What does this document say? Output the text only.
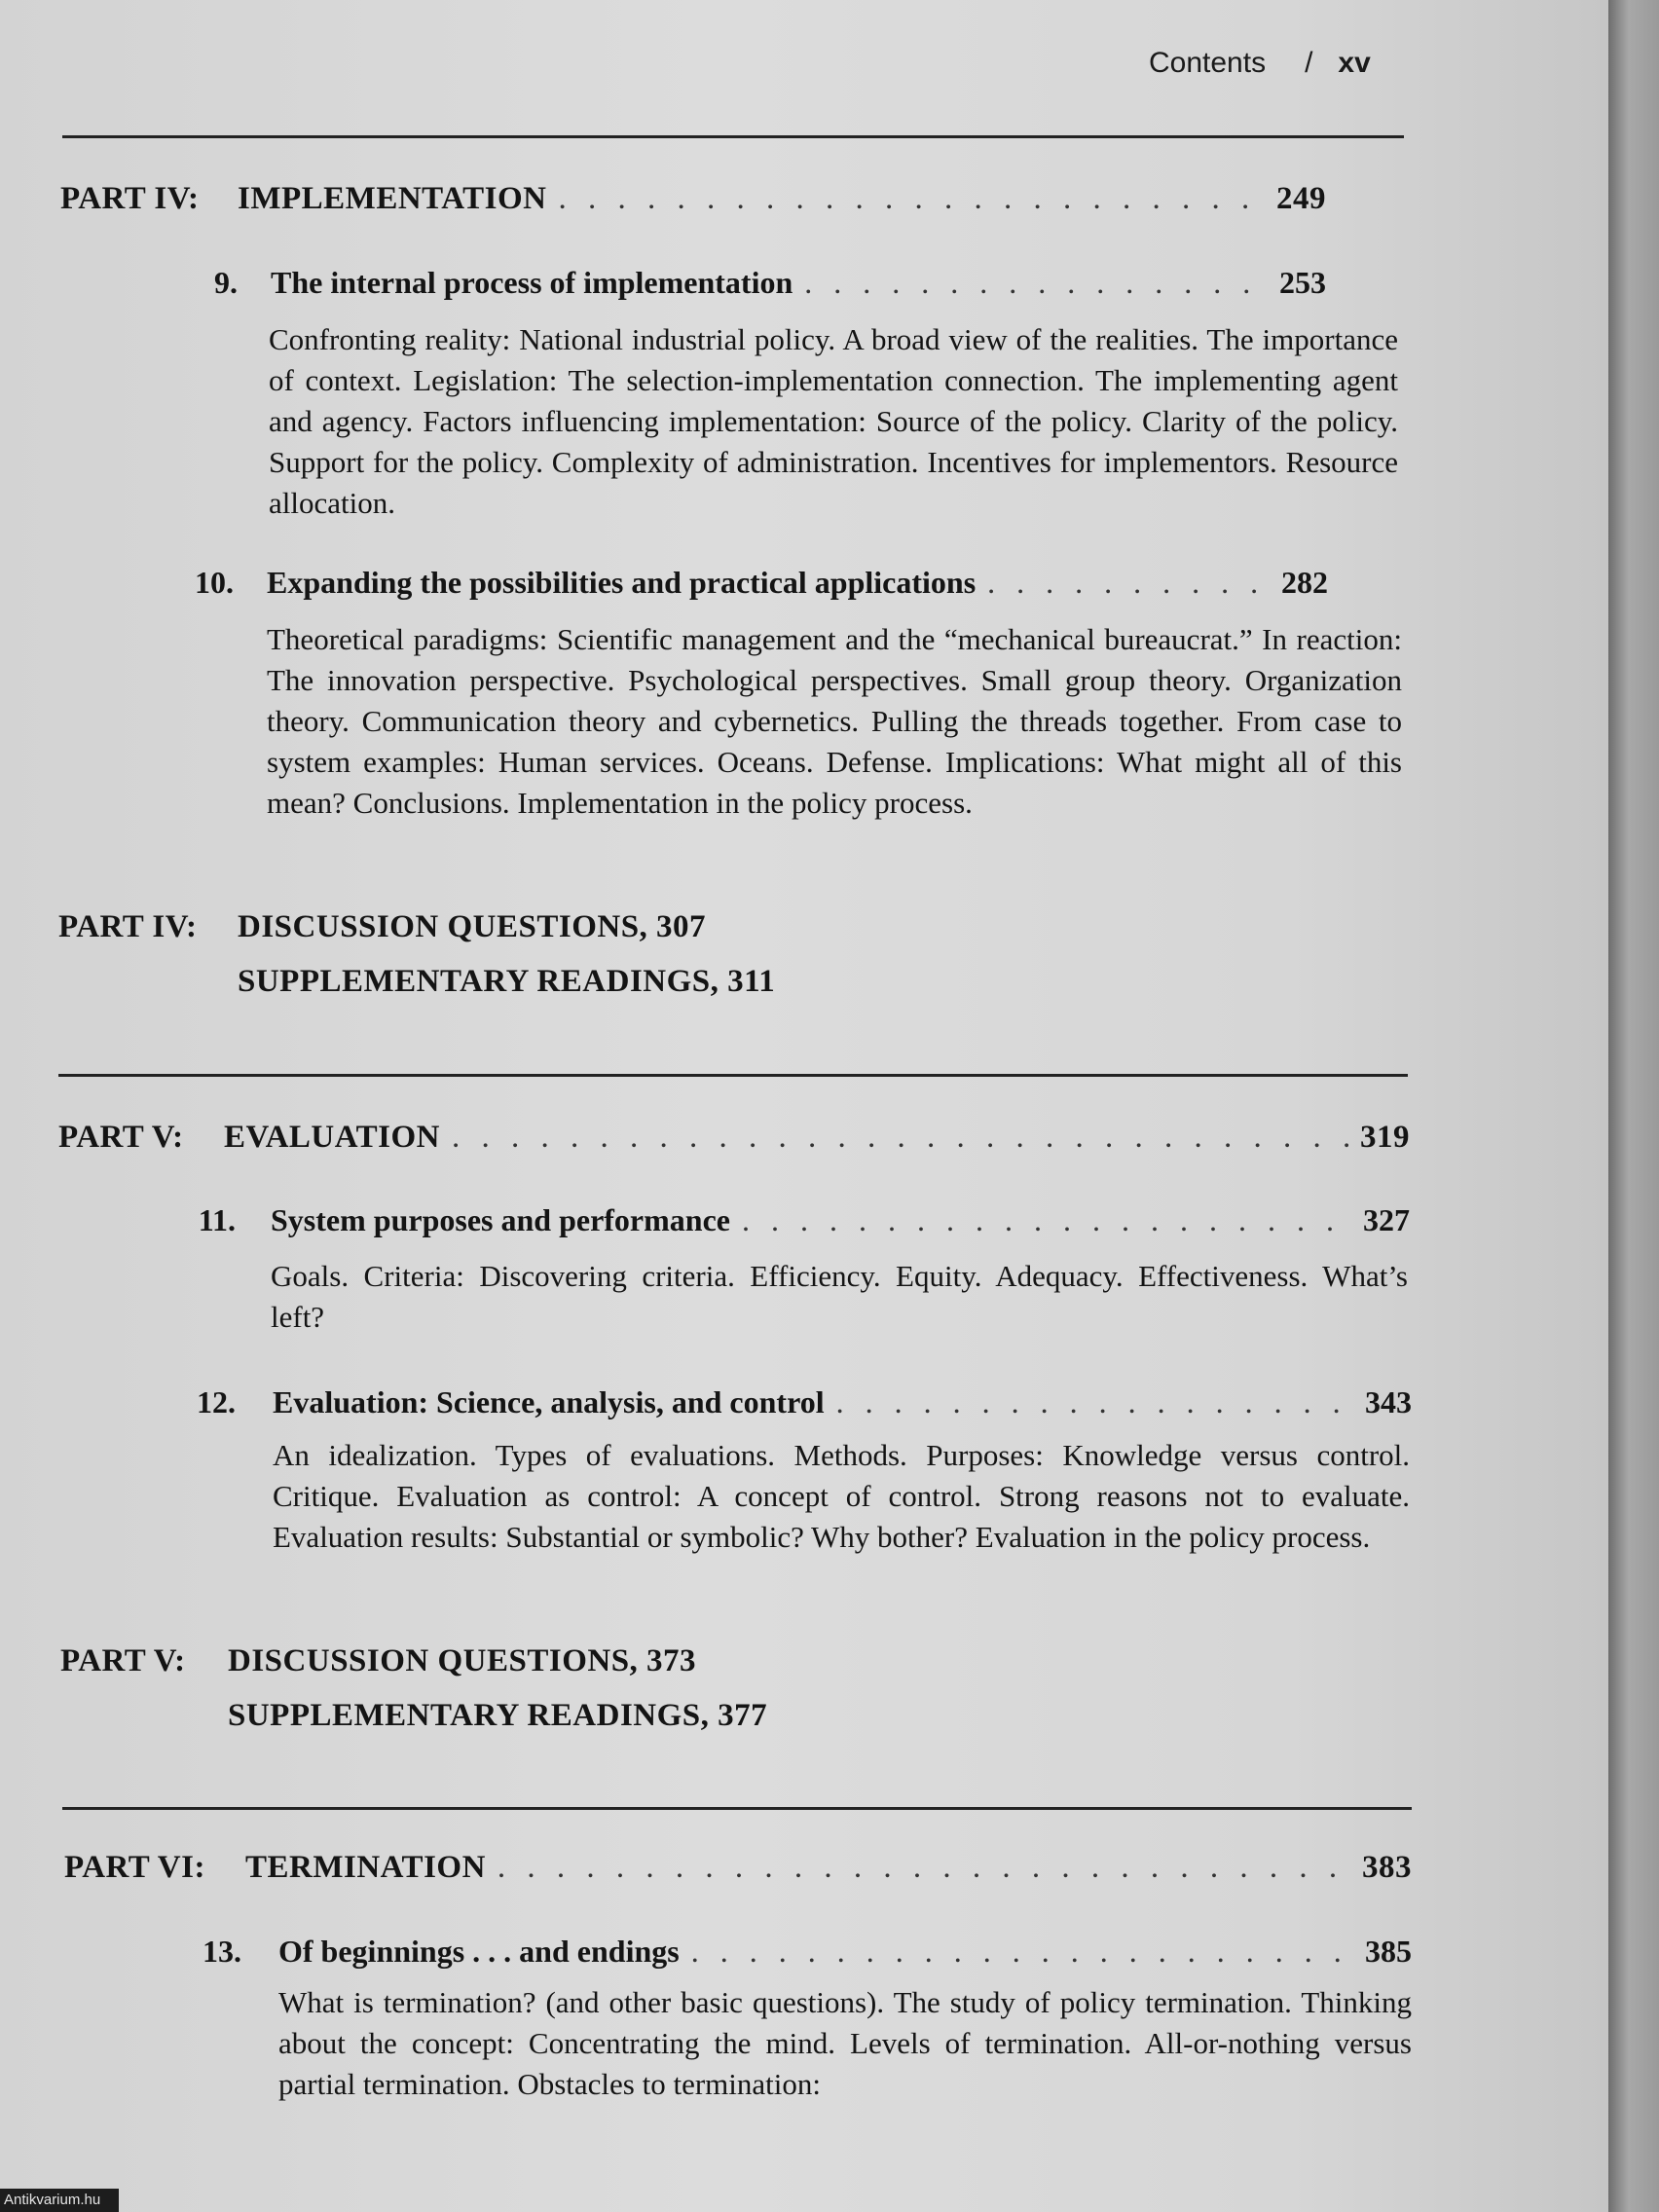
Contents / xv
PART IV:	IMPLEMENTATION . . .	249
9. The internal process of implementation . . .	253
Confronting reality: National industrial policy. A broad view of the realities. The importance of context. Legislation: The selection-implementation connection. The implementing agent and agency. Factors influencing implementation: Source of the policy. Clarity of the policy. Support for the policy. Complexity of administration. Incentives for implementors. Resource allocation.
10. Expanding the possibilities and practical applications . . .	282
Theoretical paradigms: Scientific management and the “mechanical bureaucrat.” In reaction: The innovation perspective. Psychological perspectives. Small group theory. Organization theory. Communication theory and cybernetics. Pulling the threads together. From case to system examples: Human services. Oceans. Defense. Implications: What might all of this mean? Conclusions. Implementation in the policy process.
PART IV: DISCUSSION QUESTIONS, 307
SUPPLEMENTARY READINGS, 311
PART V:	EVALUATION . . .	319
11. System purposes and performance . . .	327
Goals. Criteria: Discovering criteria. Efficiency. Equity. Adequacy. Effectiveness. What’s left?
12. Evaluation: Science, analysis, and control . . .	343
An idealization. Types of evaluations. Methods. Purposes: Knowledge versus control. Critique. Evaluation as control: A concept of control. Strong reasons not to evaluate. Evaluation results: Substantial or symbolic? Why bother? Evaluation in the policy process.
PART V: DISCUSSION QUESTIONS, 373
SUPPLEMENTARY READINGS, 377
PART VI:	TERMINATION . . .	383
13. Of beginnings . . . and endings . . .	385
What is termination? (and other basic questions). The study of policy termination. Thinking about the concept: Concentrating the mind. Levels of termination. All-or-nothing versus partial termination. Obstacles to termination:
Antikvarium.hu
